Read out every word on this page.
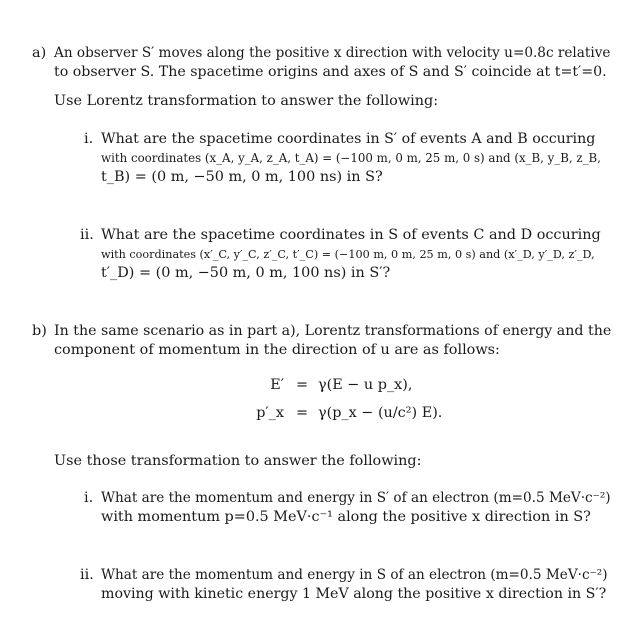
a) An observer S′ moves along the positive x direction with velocity u=0.8c relative
to observer S. The spacetime origins and axes of S and S′ coincide at t=t′=0.
Use Lorentz transformation to answer the following:
i. What are the spacetime coordinates in S′ of events A and B occuring
with coordinates (x_A, y_A, z_A, t_A) = (−100 m, 0 m, 25 m, 0 s) and (x_B, y_B, z_B,
t_B) = (0 m, −50 m, 0 m, 100 ns) in S?
ii. What are the spacetime coordinates in S of events C and D occuring
with coordinates (x′_C, y′_C, z′_C, t′_C) = (−100 m, 0 m, 25 m, 0 s) and (x′_D, y′_D, z′_D,
t′_D) = (0 m, −50 m, 0 m, 100 ns) in S′?
b) In the same scenario as in part a), Lorentz transformations of energy and the
component of momentum in the direction of u are as follows:
E′ = γ(E − u p_x),
p′_x = γ(p_x − (u/c²) E).
Use those transformation to answer the following:
i. What are the momentum and energy in S′ of an electron (m=0.5 MeV·c⁻²)
with momentum p=0.5 MeV·c⁻¹ along the positive x direction in S?
ii. What are the momentum and energy in S of an electron (m=0.5 MeV·c⁻²)
moving with kinetic energy 1 MeV along the positive x direction in S′?
